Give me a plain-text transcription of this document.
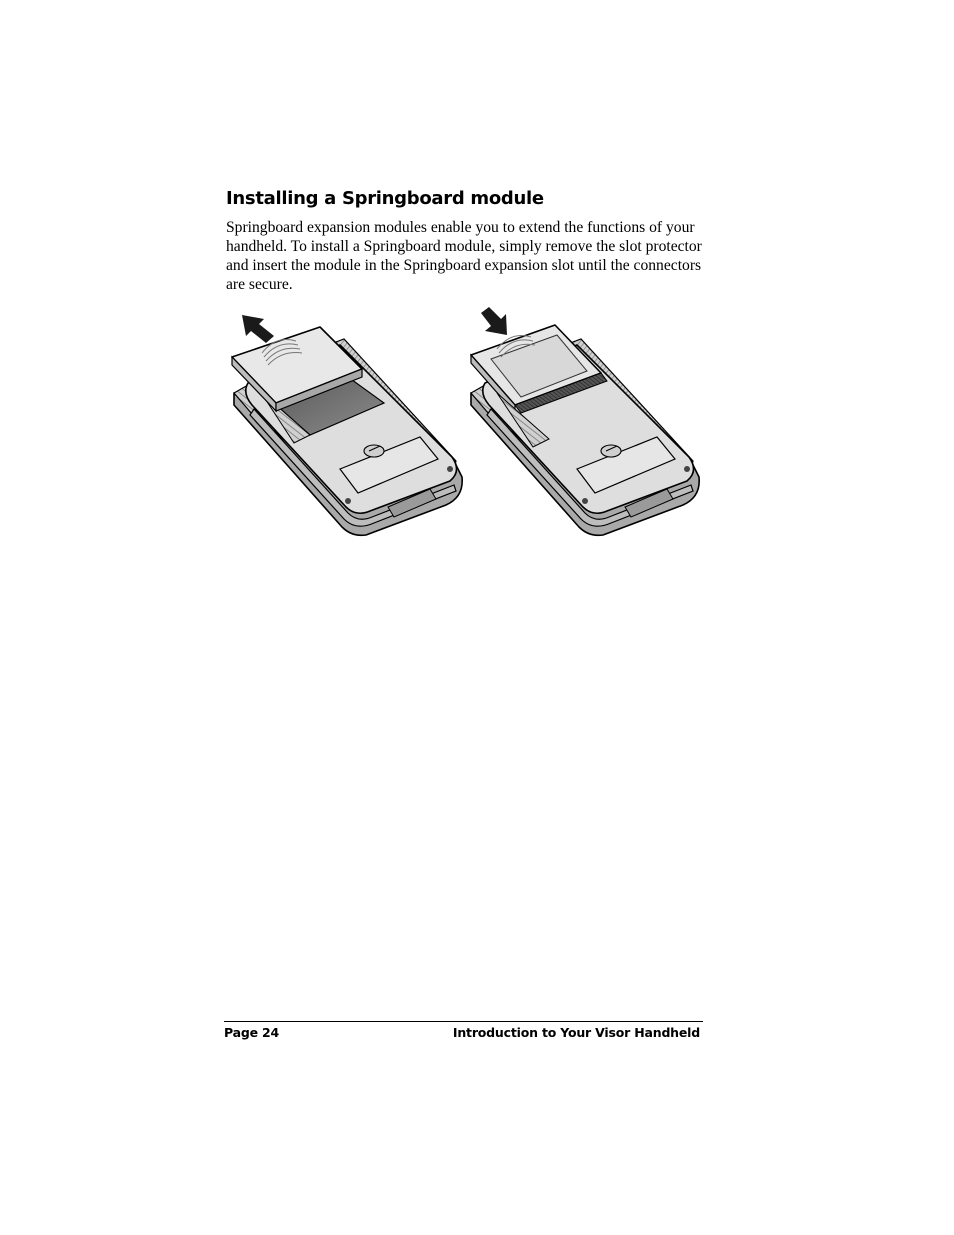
Installing a Springboard module

Springboard expansion modules enable you to extend the functions of your handheld. To install a Springboard module, simply remove the slot protector and insert the module in the Springboard expansion slot until the connectors are secure.

Page 24	Introduction to Your Visor Handheld
